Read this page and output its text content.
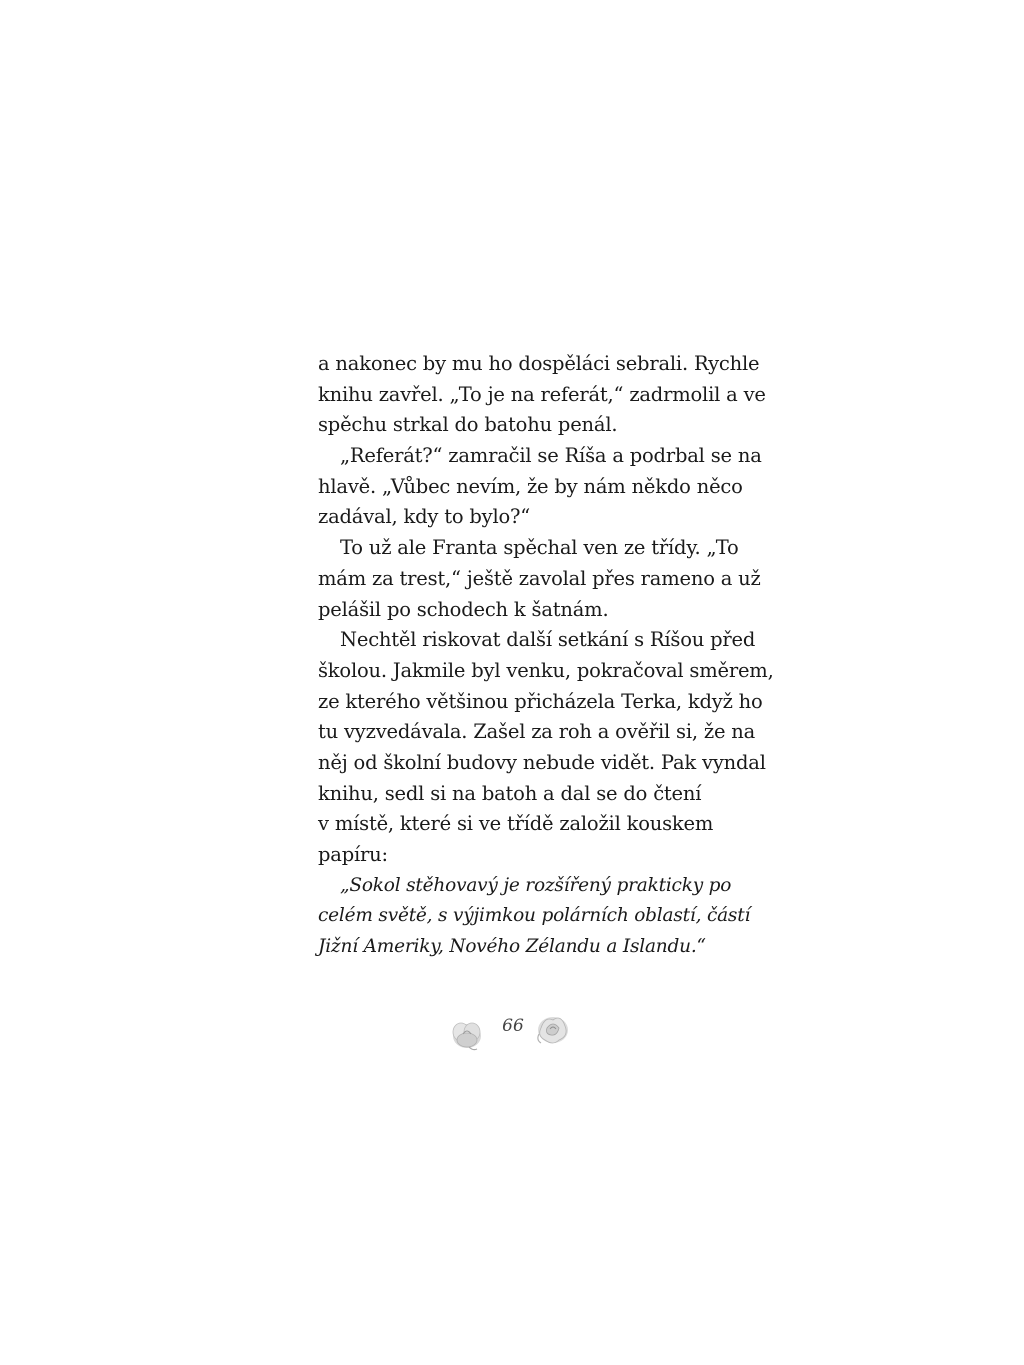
a nakonec by mu ho dospěláci sebrali. Rychle
knihu zavřel. „To je na referát,“ zadrmolil a ve
spěchu strkal do batohu penál.
„Referát?“ zamračil se Ríša a podrbal se na
hlavě. „Vůbec nevím, že by nám někdo něco
zadával, kdy to bylo?“
To už ale Franta spěchal ven ze třídy. „To
mám za trest,“ ještě zavolal přes rameno a už
pelášil po schodech k šatnám.
Nechtěl riskovat další setkání s Ríšou před
školou. Jakmile byl venku, pokračoval směrem,
ze kterého většinou přicházela Terka, když ho
tu vyzvedávala. Zašel za roh a ověřil si, že na
něj od školní budovy nebude vidět. Pak vyndal
knihu, sedl si na batoh a dal se do čtení
v místě, které si ve třídě založil kouskem
papíru:
„Sokol stěhovavý je rozšířený prakticky po
celém světě, s výjimkou polárních oblastí, částí
Jižní Ameriky, Nového Zélandu a Islandu.“
66
